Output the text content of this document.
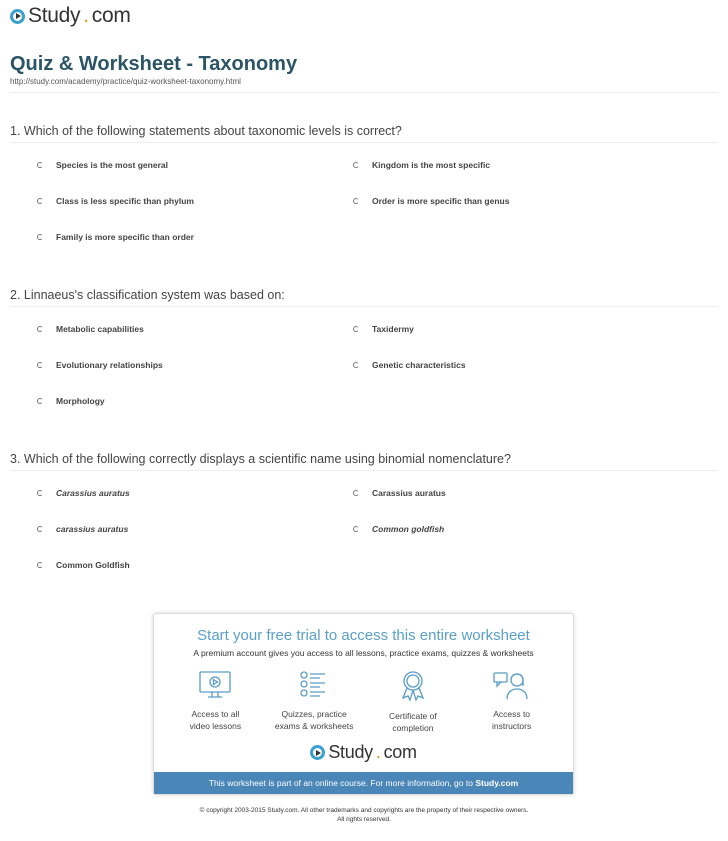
Study . com
Quiz & Worksheet - Taxonomy
http://study.com/academy/practice/quiz-worksheet-taxonomy.html
1. Which of the following statements about taxonomic levels is correct?
Species is the most general	Kingdom is the most specific
Class is less specific than phylum	Order is more specific than genus
Family is more specific than order
2. Linnaeus's classification system was based on:
Metabolic capabilities	Taxidermy
Evolutionary relationships	Genetic characteristics
Morphology
3. Which of the following correctly displays a scientific name using binomial nomenclature?
Carassius auratus	Carassius auratus
carassius auratus	Common goldfish
Common Goldfish
Start your free trial to access this entire worksheet

A premium account gives you access to all lessons, practice exams, quizzes & worksheets

Access to all
video lessons
Quizzes, practice
exams & worksheets
Certificate of
completion
Access to
instructors
Study . com
This worksheet is part of an online course. For more information, go to Study.com
© copyright 2003-2015 Study.com. All other trademarks and copyrights are the property of their respective owners.
All rights reserved.
